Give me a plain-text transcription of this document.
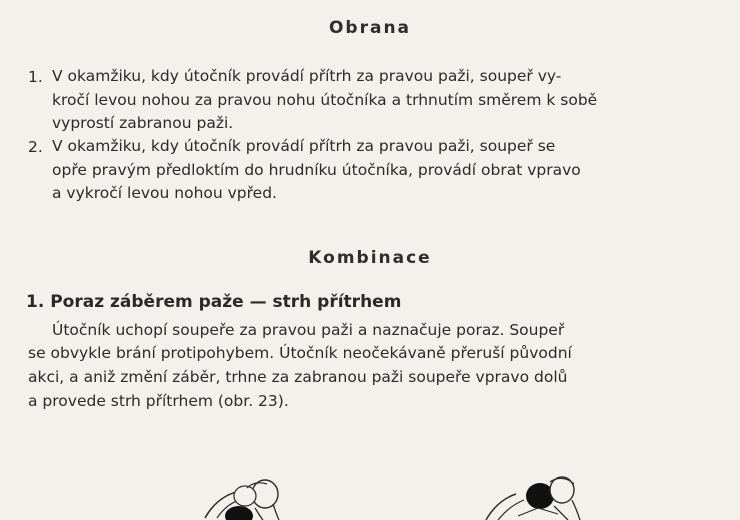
Obrana
1. V okamžiku, kdy útočník provádí přítrh za pravou paži, soupeř vy-
kročí levou nohou za pravou nohu útočníka a trhnutím směrem k sobě
vyprostí zabranou paži.
2. V okamžiku, kdy útočník provádí přítrh za pravou paži, soupeř se
opře pravým předloktím do hrudníku útočníka, provádí obrat vpravo
a vykročí levou nohou vpřed.
Kombinace
1. Poraz záběrem paže — strh přítrhem
Útočník uchopí soupeře za pravou paži a naznačuje poraz. Soupeř
se obvykle brání protipohybem. Útočník neočekávaně přeruší původní
akci, a aniž změní záběr, trhne za zabranou paži soupeře vpravo dolů
a provede strh přítrhem (obr. 23).
